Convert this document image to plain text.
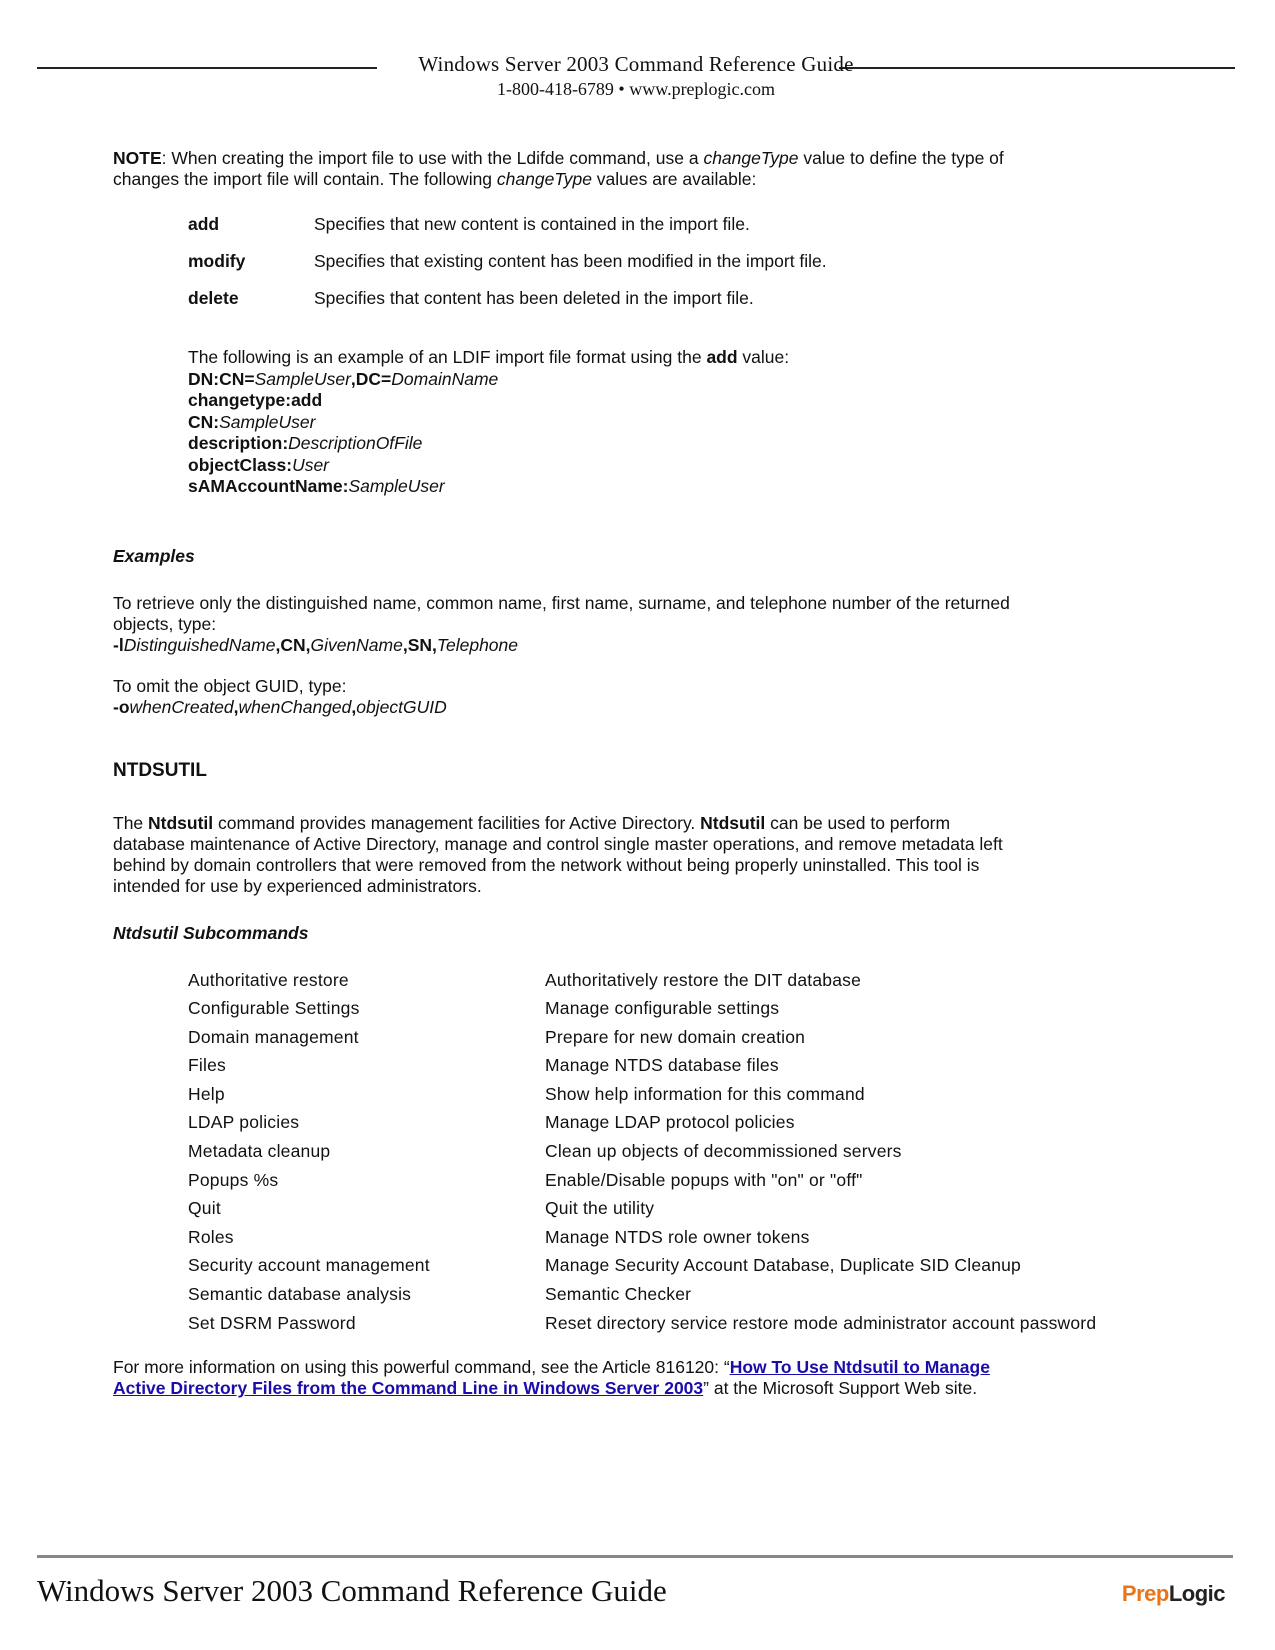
Windows Server 2003 Command Reference Guide
1-800-418-6789 • www.preplogic.com

NOTE: When creating the import file to use with the Ldifde command, use a changeType value to define the type of
changes the import file will contain. The following changeType values are available:

add	Specifies that new content is contained in the import file.
modify	Specifies that existing content has been modified in the import file.
delete	Specifies that content has been deleted in the import file.
The following is an example of an LDIF import file format using the add value:
DN:CN=SampleUser,DC=DomainName
changetype:add
CN:SampleUser
description:DescriptionOfFile
objectClass:User
sAMAccountName:SampleUser

Examples

To retrieve only the distinguished name, common name, first name, surname, and telephone number of the returned
objects, type:
-lDistinguishedName,CN,GivenName,SN,Telephone
To omit the object GUID, type:
-owhenCreated,whenChanged,objectGUID

NTDSUTIL

The Ntdsutil command provides management facilities for Active Directory. Ntdsutil can be used to perform
database maintenance of Active Directory, manage and control single master operations, and remove metadata left
behind by domain controllers that were removed from the network without being properly uninstalled. This tool is
intended for use by experienced administrators.

Ntdsutil Subcommands

Authoritative restore	Authoritatively restore the DIT database
Configurable Settings	Manage configurable settings
Domain management	Prepare for new domain creation
Files	Manage NTDS database files
Help	Show help information for this command
LDAP policies	Manage LDAP protocol policies
Metadata cleanup	Clean up objects of decommissioned servers
Popups %s	Enable/Disable popups with "on" or "off"
Quit	Quit the utility
Roles	Manage NTDS role owner tokens
Security account management	Manage Security Account Database, Duplicate SID Cleanup
Semantic database analysis	Semantic Checker
Set DSRM Password	Reset directory service restore mode administrator account password
For more information on using this powerful command, see the Article 816120: “How To Use Ntdsutil to Manage
Active Directory Files from the Command Line in Windows Server 2003” at the Microsoft Support Web site.
Windows Server 2003 Command Reference Guide	PrepLogic
